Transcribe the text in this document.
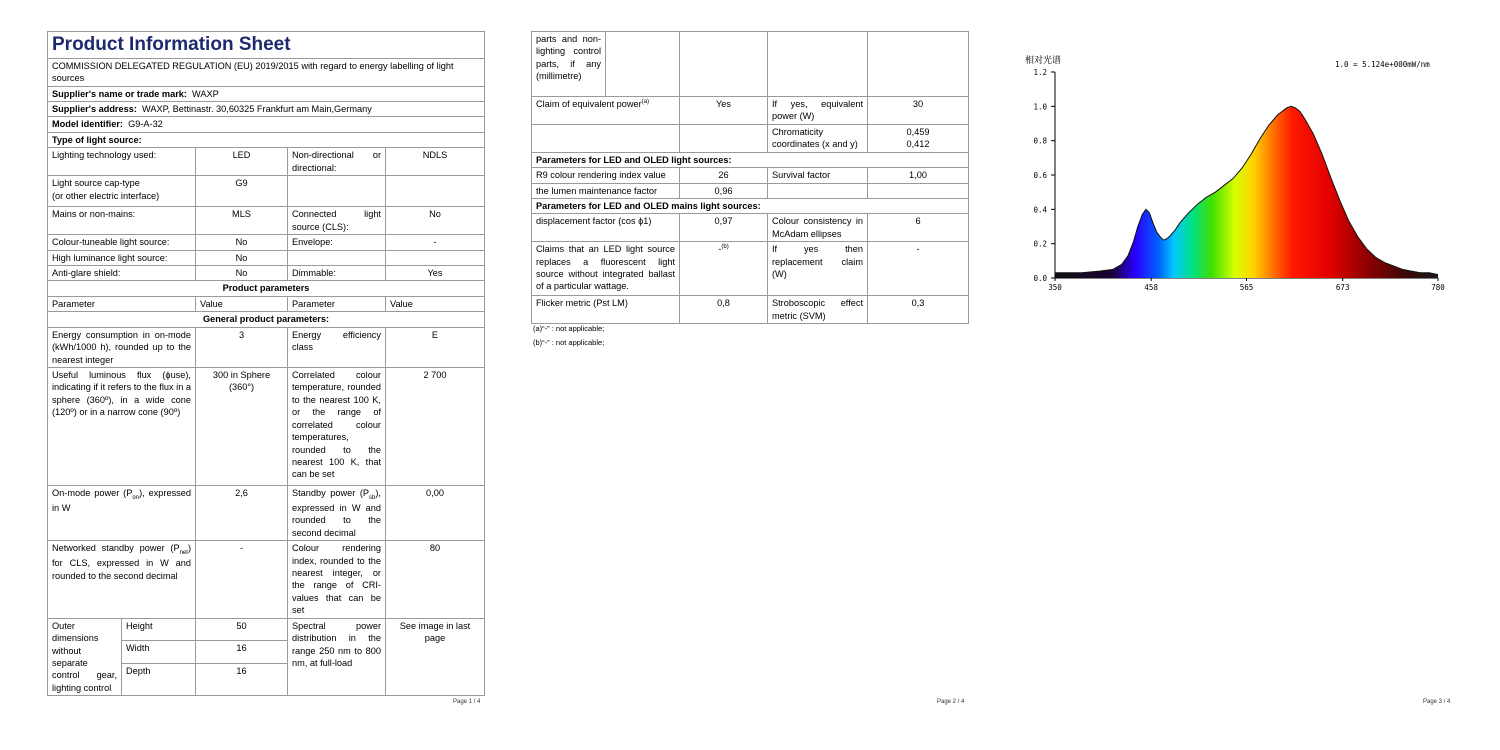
Product Information Sheet				
COMMISSION DELEGATED REGULATION (EU) 2019/2015 with regard to energy labelling of light sources				
Supplier's name or trade mark: WAXP				
Supplier's address: WAXP, Bettinastr. 30,60325 Frankfurt am Main,Germany				
Model identifier: G9-A-32				
Type of light source:				
Lighting technology used:		LED	Non-directional or directional:	NDLS
Light source cap-type
(or other electric interface)		G9		
Mains or non-mains:		MLS	Connected light source (CLS):	No
Colour-tuneable light source:		No	Envelope:	-
High luminance light source:		No		
Anti-glare shield:		No	Dimmable:	Yes
Product parameters				
Parameter		Value	Parameter	Value
General product parameters:				
Energy consumption in on-mode (kWh/1000 h), rounded up to the nearest integer		3	Energy efficiency class	E
Useful luminous flux (ϕuse), indicating if it refers to the flux in a sphere (360º), in a wide cone (120º) or in a narrow cone (90º)		300 in Sphere (360°)	Correlated colour temperature, rounded to the nearest 100 K, or the range of correlated colour temperatures, rounded to the nearest 100 K, that can be set	2 700
On-mode power $(P_{on})$, expressed in W		2,6	Standby power $(P_{sb})$, expressed in W and rounded to the second decimal	0,00
Networked standby power $(P_{net})$ for CLS, expressed in W and rounded to the second decimal		-	Colour rendering index, rounded to the nearest integer, or the range of CRI-values that can be set	80
Outer dimensions without separate control gear, lighting control	Height	50	Spectral power distribution in the range 250 nm to 800 nm, at full-load	See image in last page
	Width	16		
	Depth	16		
Page 1 / 4
parts and non-lighting control parts, if any (millimetre)				
Claim of equivalent power$^{(a)}$		Yes	If yes, equivalent power (W)	30
			Chromaticity coordinates (x and y)	0,459
0,412
Parameters for LED and OLED light sources:				
R9 colour rendering index value		26	Survival factor	1,00
the lumen maintenance factor		0,96		
Parameters for LED and OLED mains light sources:				
displacement factor (cos ϕ1)		0,97	Colour consistency in McAdam ellipses	6
Claims that an LED light source replaces a fluorescent light source without integrated ballast of a particular wattage.		-$^{(b)}$	If yes then replacement claim (W)	-
Flicker metric (Pst LM)		0,8	Stroboscopic effect metric (SVM)	0,3
(a)“-” : not applicable;
(b)“-” : not applicable;
Page 2 / 4
相对光谱	1.0 = 5.124e+000mW/nm
0.0
0.2
0.4
0.6
0.8
1.0
1.2
350	458	565	673	780
Page 3 / 4
